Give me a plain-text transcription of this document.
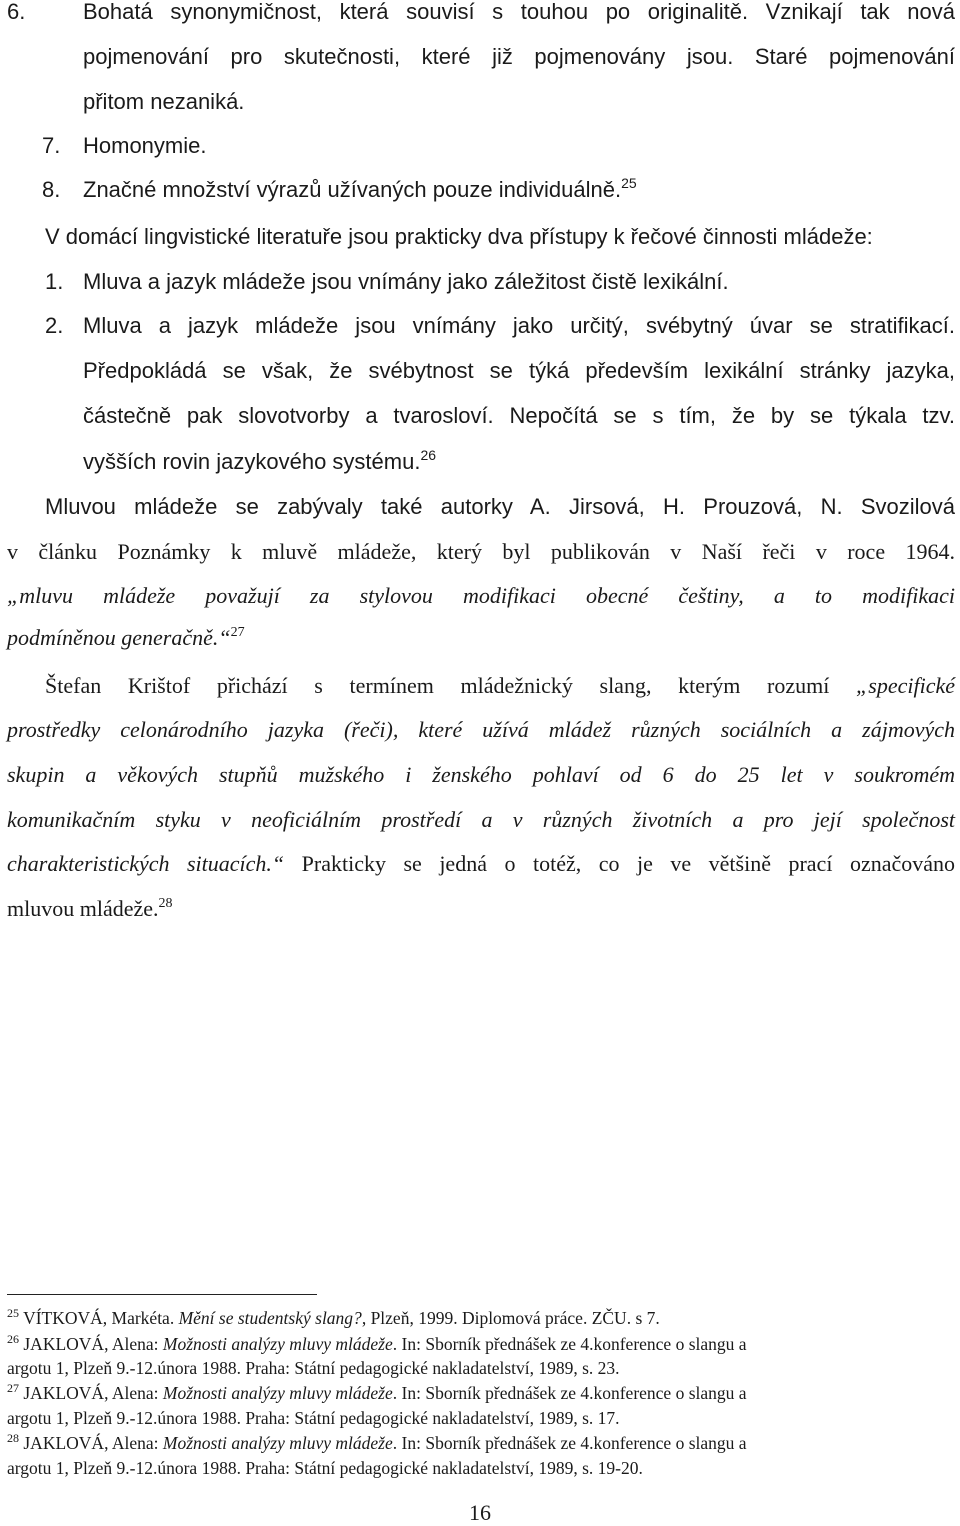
6.	Bohatá synonymičnost, která souvisí s touhou po originalitě. Vznikají tak nová
pojmenování pro skutečnosti, které již pojmenovány jsou. Staré pojmenování
přitom nezaniká.
7. Homonymie.
8. Značné množství výrazů užívaných pouze individuálně.$^{25}$
V domácí lingvistické literatuře jsou prakticky dva přístupy k řečové činnosti mládeže:
1. Mluva a jazyk mládeže jsou vnímány jako záležitost čistě lexikální.
2. Mluva a jazyk mládeže jsou vnímány jako určitý, svébytný úvar se stratifikací.
Předpokládá se však, že svébytnost se týká především lexikální stránky jazyka,
částečně pak slovotvorby a tvarosloví. Nepočítá se s tím, že by se týkala tzv.
vyšších rovin jazykového systému.$^{26}$
Mluvou mládeže se zabývaly také autorky A. Jirsová, H. Prouzová, N. Svozilová
v článku Poznámky k mluvě mládeže, který byl publikován v Naší řeči v roce 1964.
„mluvu mládeže považují za stylovou modifikaci obecné češtiny, a to modifikaci
podmíněnou generačně.“$^{27}$
Štefan Krištof přichází s termínem mládežnický slang, kterým rozumí „specifické
prostředky celonárodního jazyka (řeči), které užívá mládež různých sociálních a zájmových
skupin a věkových stupňů mužského i ženského pohlaví od 6 do 25 let v soukromém
komunikačním styku v neoficiálním prostředí a v různých životních a pro její společnost
charakteristických situacích.“ Prakticky se jedná o totéž, co je ve většině prací označováno
mluvou mládeže.$^{28}$
$^{25}$ VÍTKOVÁ, Markéta. Mění se studentský slang?, Plzeň, 1999. Diplomová práce. ZČU. s 7.
$^{26}$ JAKLOVÁ, Alena: Možnosti analýzy mluvy mládeže. In: Sborník přednášek ze 4.konference o slangu a
argotu 1, Plzeň 9.-12.února 1988. Praha: Státní pedagogické nakladatelství, 1989, s. 23.
$^{27}$ JAKLOVÁ, Alena: Možnosti analýzy mluvy mládeže. In: Sborník přednášek ze 4.konference o slangu a
argotu 1, Plzeň 9.-12.února 1988. Praha: Státní pedagogické nakladatelství, 1989, s. 17.
$^{28}$ JAKLOVÁ, Alena: Možnosti analýzy mluvy mládeže. In: Sborník přednášek ze 4.konference o slangu a
argotu 1, Plzeň 9.-12.února 1988. Praha: Státní pedagogické nakladatelství, 1989, s. 19-20.
16
